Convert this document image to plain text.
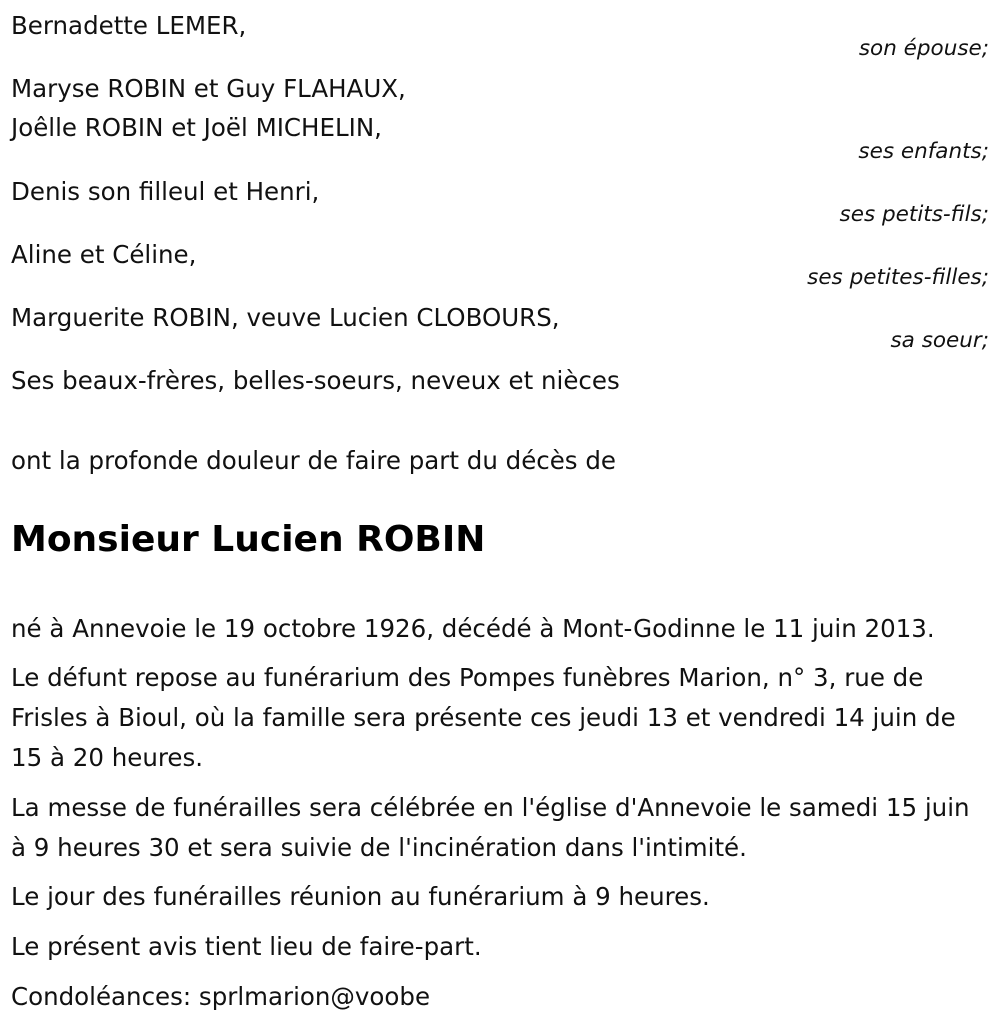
Bernadette LEMER,
son épouse;
Maryse ROBIN et Guy FLAHAUX,
Joêlle ROBIN et Joël MICHELIN,
ses enfants;
Denis son filleul et Henri,
ses petits-fils;
Aline et Céline,
ses petites-filles;
Marguerite ROBIN, veuve Lucien CLOBOURS,
sa soeur;
Ses beaux-frères, belles-soeurs, neveux et nièces
ont la profonde douleur de faire part du décès de
Monsieur Lucien ROBIN
né à Annevoie le 19 octobre 1926, décédé à Mont-Godinne le 11 juin 2013.
Le défunt repose au funérarium des Pompes funèbres Marion, n° 3, rue de Frisles à Bioul, où la famille sera présente ces jeudi 13 et vendredi 14 juin de 15 à 20 heures.
La messe de funérailles sera célébrée en l'église d'Annevoie le samedi 15 juin à 9 heures 30 et sera suivie de l'incinération dans l'intimité.
Le jour des funérailles réunion au funérarium à 9 heures.
Le présent avis tient lieu de faire-part.
Condoléances: sprlmarion@voobe
